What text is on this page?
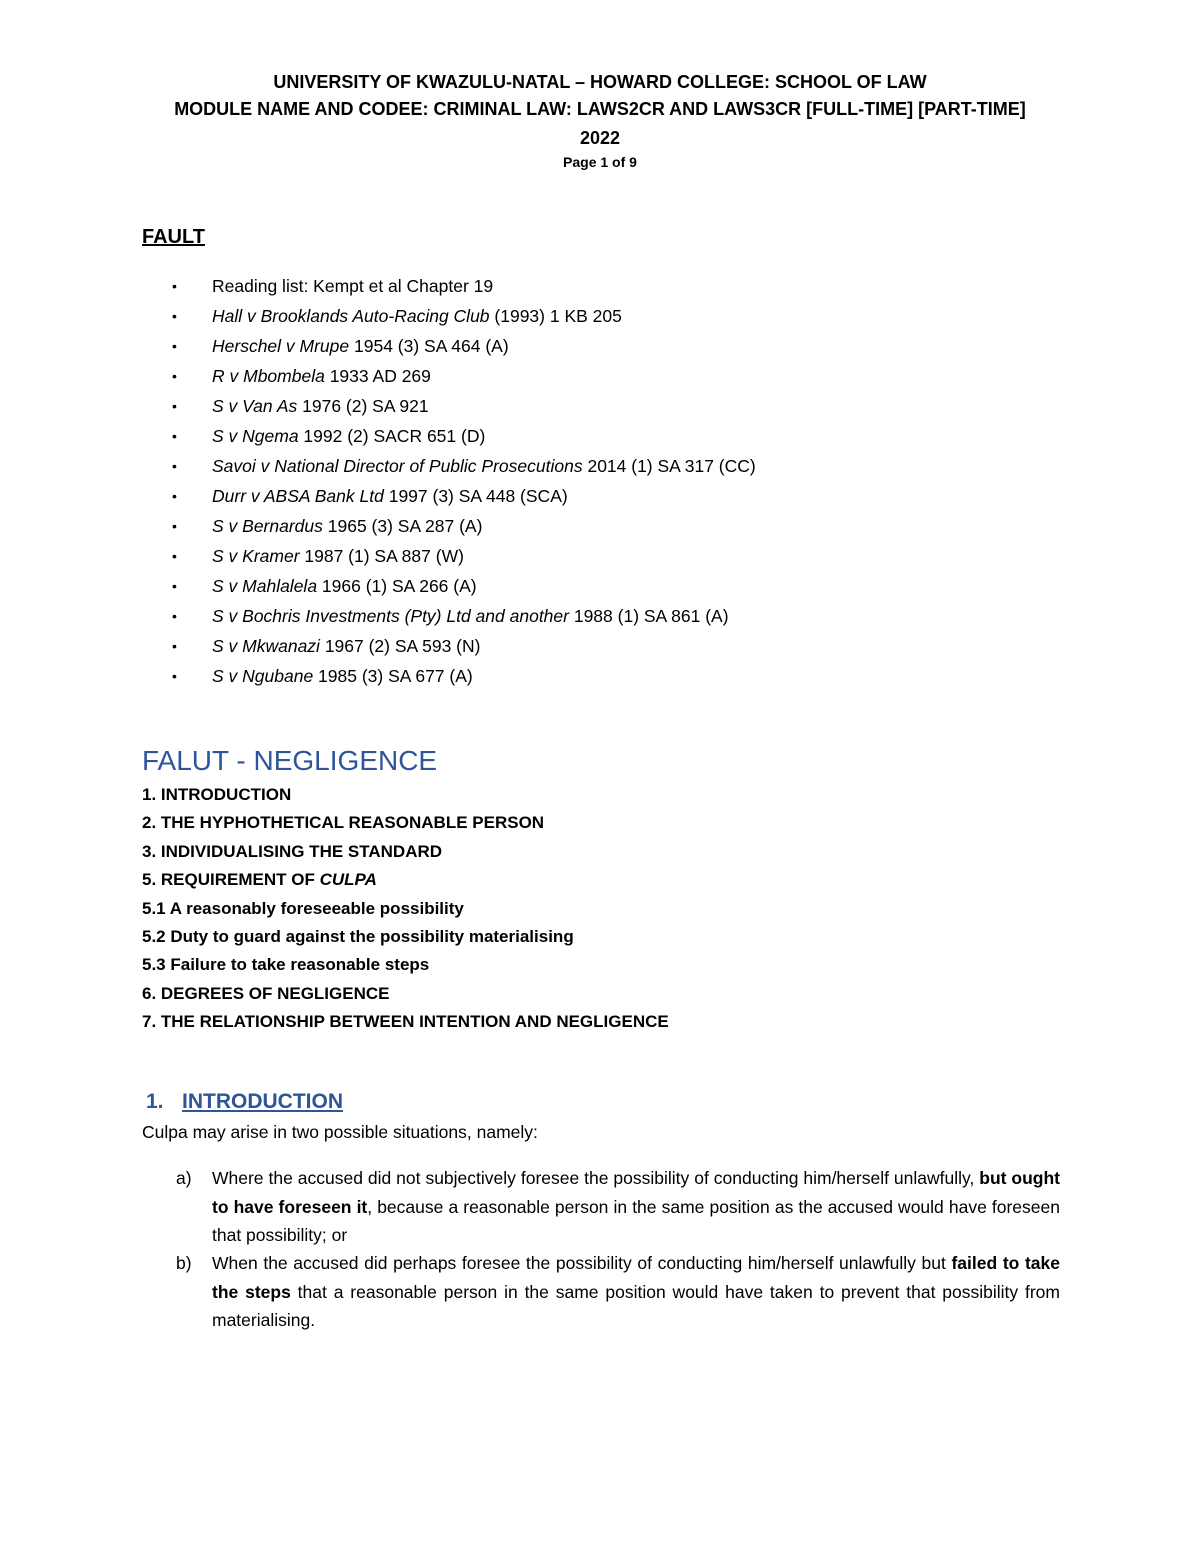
UNIVERSITY OF KWAZULU-NATAL – HOWARD COLLEGE: SCHOOL OF LAW
MODULE NAME AND CODEE: CRIMINAL LAW: LAWS2CR AND LAWS3CR [FULL-TIME] [PART-TIME]
2022
Page 1 of 9
FAULT
• Reading list: Kempt et al Chapter 19
• Hall v Brooklands Auto-Racing Club (1993) 1 KB 205
• Herschel v Mrupe 1954 (3) SA 464 (A)
• R v Mbombela 1933 AD 269
• S v Van As 1976 (2) SA 921
• S v Ngema 1992 (2) SACR 651 (D)
• Savoi v National Director of Public Prosecutions 2014 (1) SA 317 (CC)
• Durr v ABSA Bank Ltd 1997 (3) SA 448 (SCA)
• S v Bernardus 1965 (3) SA 287 (A)
• S v Kramer 1987 (1) SA 887 (W)
• S v Mahlalela 1966 (1) SA 266 (A)
• S v Bochris Investments (Pty) Ltd and another 1988 (1) SA 861 (A)
• S v Mkwanazi 1967 (2) SA 593 (N)
• S v Ngubane 1985 (3) SA 677 (A)
FALUT - NEGLIGENCE
1. INTRODUCTION
2. THE HYPHOTHETICAL REASONABLE PERSON
3. INDIVIDUALISING THE STANDARD
5. REQUIREMENT OF CULPA
5.1 A reasonably foreseeable possibility
5.2 Duty to guard against the possibility materialising
5.3 Failure to take reasonable steps
6. DEGREES OF NEGLIGENCE
7. THE RELATIONSHIP BETWEEN INTENTION AND NEGLIGENCE
1. INTRODUCTION
Culpa may arise in two possible situations, namely:
a) Where the accused did not subjectively foresee the possibility of conducting him/herself unlawfully, but ought to have foreseen it, because a reasonable person in the same position as the accused would have foreseen that possibility; or
b) When the accused did perhaps foresee the possibility of conducting him/herself unlawfully but failed to take the steps that a reasonable person in the same position would have taken to prevent that possibility from materialising.
